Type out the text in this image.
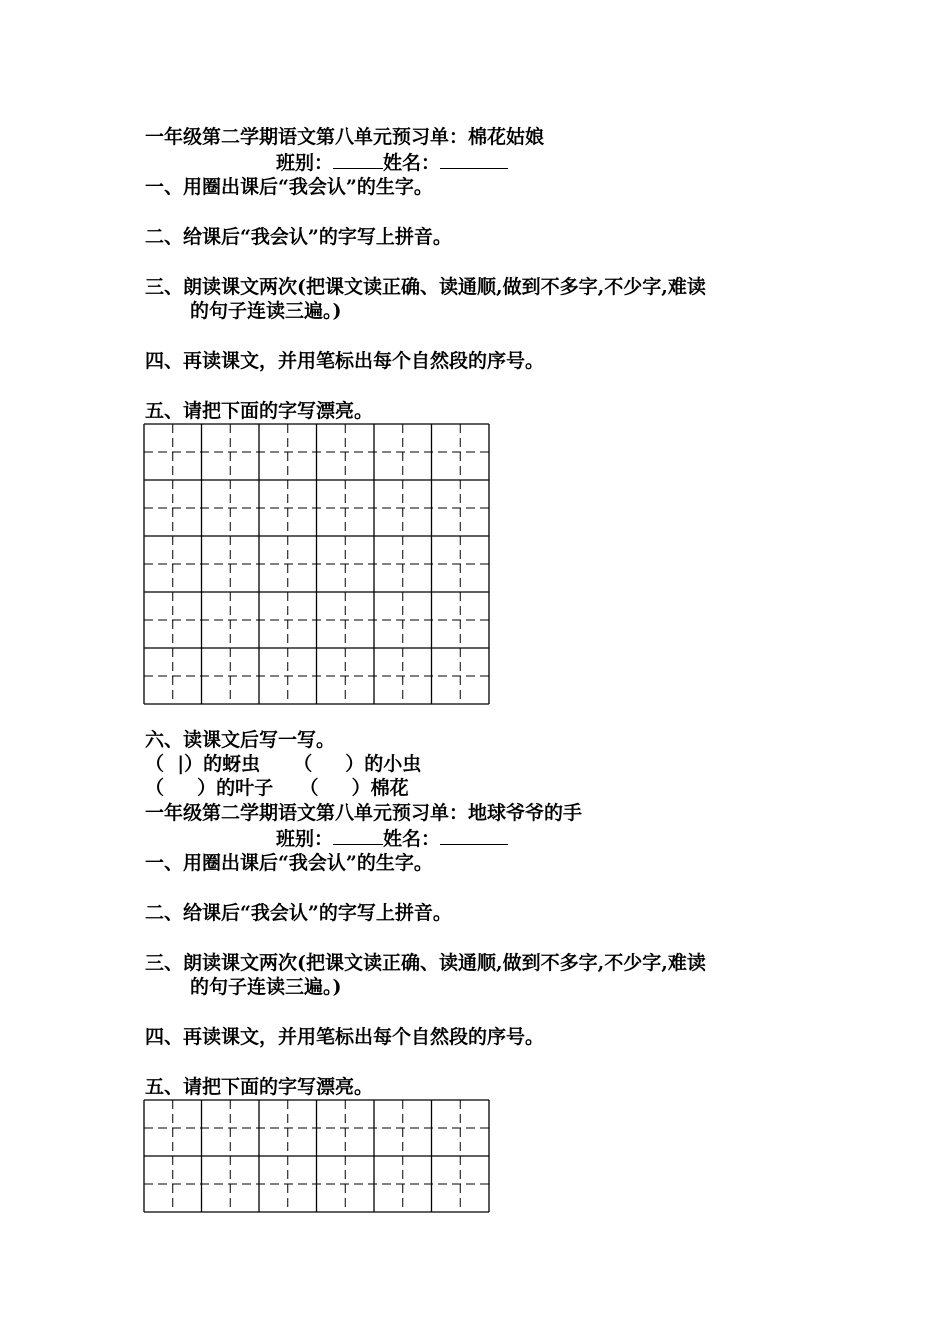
一年级第二学期语文第八单元预习单：棉花姑娘
班别：	姓名：
一、用圈出课后“我会认”的生字。
二、给课后“我会认”的字写上拼音。
三、朗读课文两次(把课文读正确、读通顺,做到不多字,不少字,难读
的句子连读三遍。)
四、再读课文，并用笔标出每个自然段的序号。
五、请把下面的字写漂亮。
六、读课文后写一写。
（  |）的蚜虫     （     ）的小虫
（     ）的叶子    （     ）棉花
一年级第二学期语文第八单元预习单：地球爷爷的手
班别：	姓名：
一、用圈出课后“我会认”的生字。
二、给课后“我会认”的字写上拼音。
三、朗读课文两次(把课文读正确、读通顺,做到不多字,不少字,难读
的句子连读三遍。)
四、再读课文，并用笔标出每个自然段的序号。
五、请把下面的字写漂亮。
